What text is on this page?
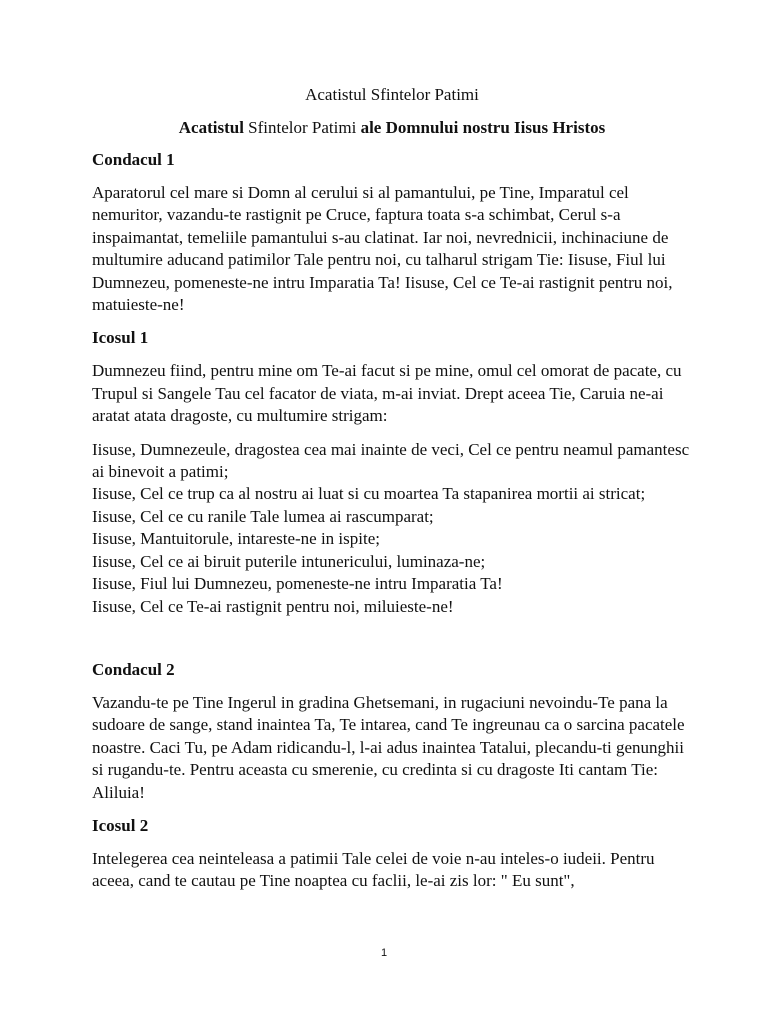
Acatistul Sfintelor Patimi
Acatistul Sfintelor Patimi ale Domnului nostru Iisus Hristos
Condacul 1
Aparatorul cel mare si Domn al cerului si al pamantului, pe Tine, Imparatul cel nemuritor, vazandu-te rastignit pe Cruce, faptura toata s-a schimbat, Cerul s-a inspaimantat, temeliile pamantului s-au clatinat. Iar noi, nevrednicii, inchinaciune de multumire aducand patimilor Tale pentru noi, cu talharul strigam Tie: Iisuse, Fiul lui Dumnezeu, pomeneste-ne intru Imparatia Ta! Iisuse, Cel ce Te-ai rastignit pentru noi, matuieste-ne!
Icosul 1
Dumnezeu fiind, pentru mine om Te-ai facut si pe mine, omul cel omorat de pacate, cu Trupul si Sangele Tau cel facator de viata, m-ai inviat. Drept aceea Tie, Caruia ne-ai aratat atata dragoste, cu multumire strigam:
Iisuse, Dumnezeule, dragostea cea mai inainte de veci, Cel ce pentru neamul pamantesc ai binevoit a patimi;
Iisuse, Cel ce trup ca al nostru ai luat si cu moartea Ta stapanirea mortii ai stricat;
Iisuse, Cel ce cu ranile Tale lumea ai rascumparat;
Iisuse, Mantuitorule, intareste-ne in ispite;
Iisuse, Cel ce ai biruit puterile intunericului, luminaza-ne;
Iisuse, Fiul lui Dumnezeu, pomeneste-ne intru Imparatia Ta!
Iisuse, Cel ce Te-ai rastignit pentru noi, miluieste-ne!
Condacul 2
Vazandu-te pe Tine Ingerul in gradina Ghetsemani, in rugaciuni nevoindu-Te pana la sudoare de sange, stand inaintea Ta, Te intarea, cand Te ingreunau ca o sarcina pacatele noastre. Caci Tu, pe Adam ridicandu-l, l-ai adus inaintea Tatalui, plecandu-ti genunghii si rugandu-te. Pentru aceasta cu smerenie, cu credinta si cu dragoste Iti cantam Tie: Aliluia!
Icosul 2
Intelegerea cea neinteleasa a patimii Tale celei de voie n-au inteles-o iudeii. Pentru aceea, cand te cautau pe Tine noaptea cu faclii, le-ai zis lor: " Eu sunt",
1
